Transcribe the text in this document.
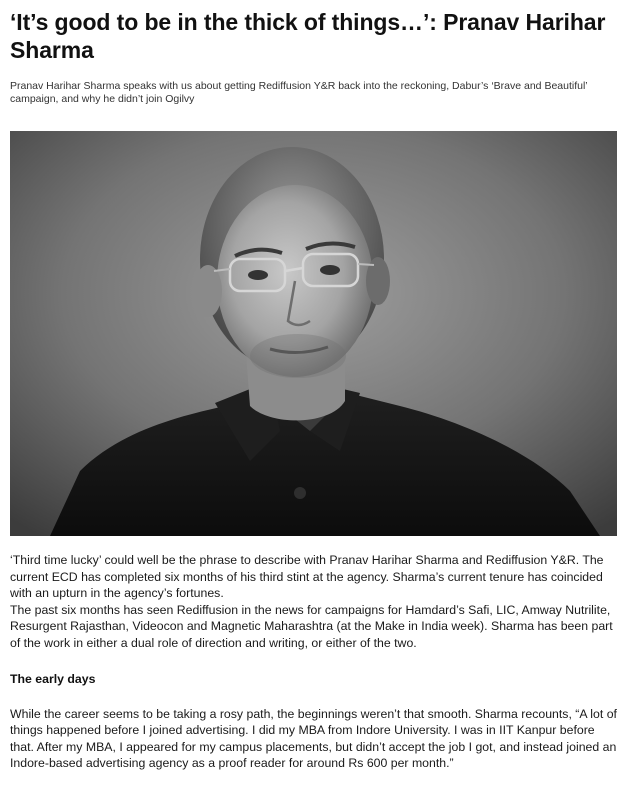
‘It’s good to be in the thick of things…’: Pranav Harihar Sharma

Pranav Harihar Sharma speaks with us about getting Rediffusion Y&R back into the reckoning, Dabur’s ‘Brave and Beautiful’ campaign, and why he didn’t join Ogilvy

‘Third time lucky’ could well be the phrase to describe with Pranav Harihar Sharma and Rediffusion Y&R. The current ECD has completed six months of his third stint at the agency. Sharma’s current tenure has coincided with an upturn in the agency’s fortunes.

The past six months has seen Rediffusion in the news for campaigns for Hamdard’s Safi, LIC, Amway Nutrilite, Resurgent Rajasthan, Videocon and Magnetic Maharashtra (at the Make in India week). Sharma has been part of the work in either a dual role of direction and writing, or either of the two.

The early days

While the career seems to be taking a rosy path, the beginnings weren’t that smooth. Sharma recounts, “A lot of things happened before I joined advertising. I did my MBA from Indore University. I was in IIT Kanpur before that. After my MBA, I appeared for my campus placements, but didn’t accept the job I got, and instead joined an Indore-based advertising agency as a proof reader for around Rs 600 per month.”
